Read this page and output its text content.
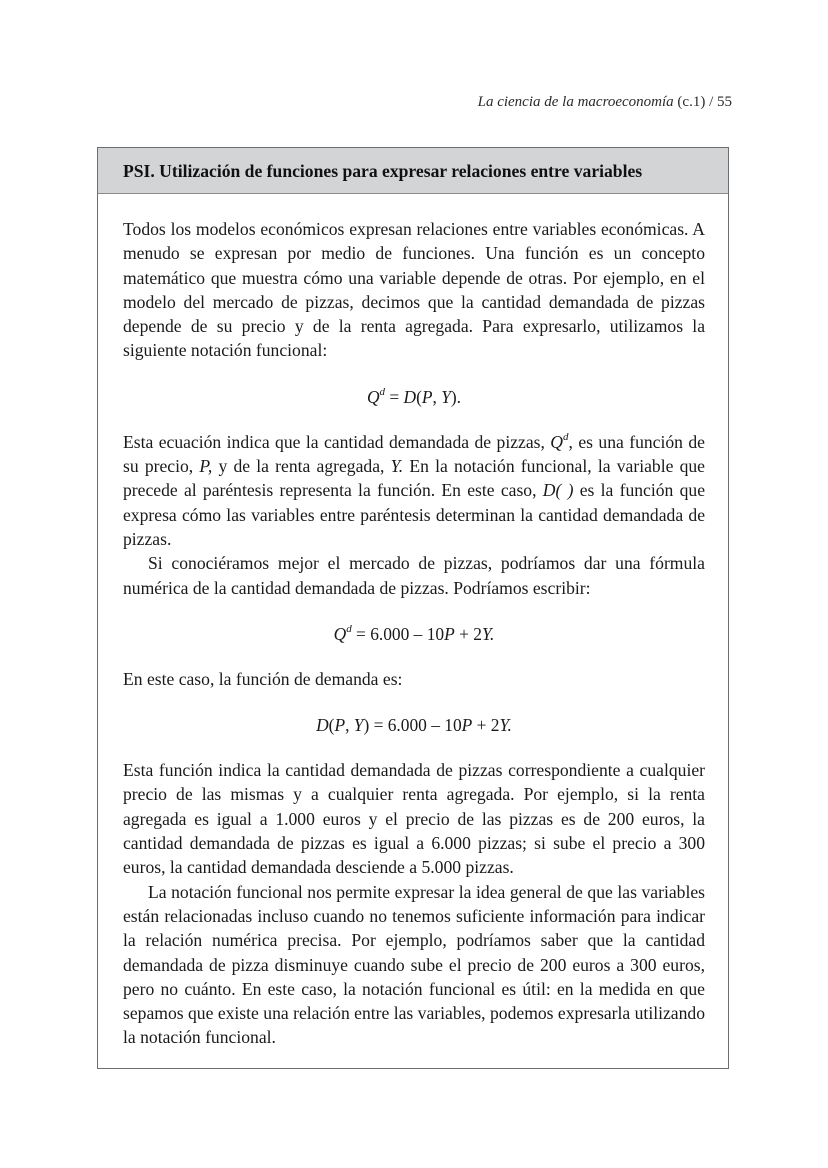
La ciencia de la macroeconomía (c.1) / 55
PSI. Utilización de funciones para expresar relaciones entre variables

Todos los modelos económicos expresan relaciones entre variables económicas. A menudo se expresan por medio de funciones. Una función es un concepto matemático que muestra cómo una variable depende de otras. Por ejemplo, en el modelo del mercado de pizzas, decimos que la cantidad demandada de pizzas depende de su precio y de la renta agregada. Para expresarlo, utilizamos la siguiente notación funcional:

$Q^d = D(P$, Y).

Esta ecuación indica que la cantidad demandada de pizzas, $Q^d$, es una función de su precio, P, y de la renta agregada, Y. En la notación funcional, la variable que precede al paréntesis representa la función. En este caso, D( ) es la función que expresa cómo las variables entre paréntesis determinan la cantidad demandada de pizzas.

Si conociéramos mejor el mercado de pizzas, podríamos dar una fórmula numérica de la cantidad demandada de pizzas. Podríamos escribir:

$Q^d = 6.000 - 10P + 2Y$.

En este caso, la función de demanda es:

D(P, Y) = 6.000 – 10P + 2Y.

Esta función indica la cantidad demandada de pizzas correspondiente a cualquier precio de las mismas y a cualquier renta agregada. Por ejemplo, si la renta agregada es igual a 1.000 euros y el precio de las pizzas es de 200 euros, la cantidad demandada de pizzas es igual a 6.000 pizzas; si sube el precio a 300 euros, la cantidad demandada desciende a 5.000 pizzas.

La notación funcional nos permite expresar la idea general de que las variables están relacionadas incluso cuando no tenemos suficiente información para indicar la relación numérica precisa. Por ejemplo, podríamos saber que la cantidad demandada de pizza disminuye cuando sube el precio de 200 euros a 300 euros, pero no cuánto. En este caso, la notación funcional es útil: en la medida en que sepamos que existe una relación entre las variables, podemos expresarla utilizando la notación funcional.
